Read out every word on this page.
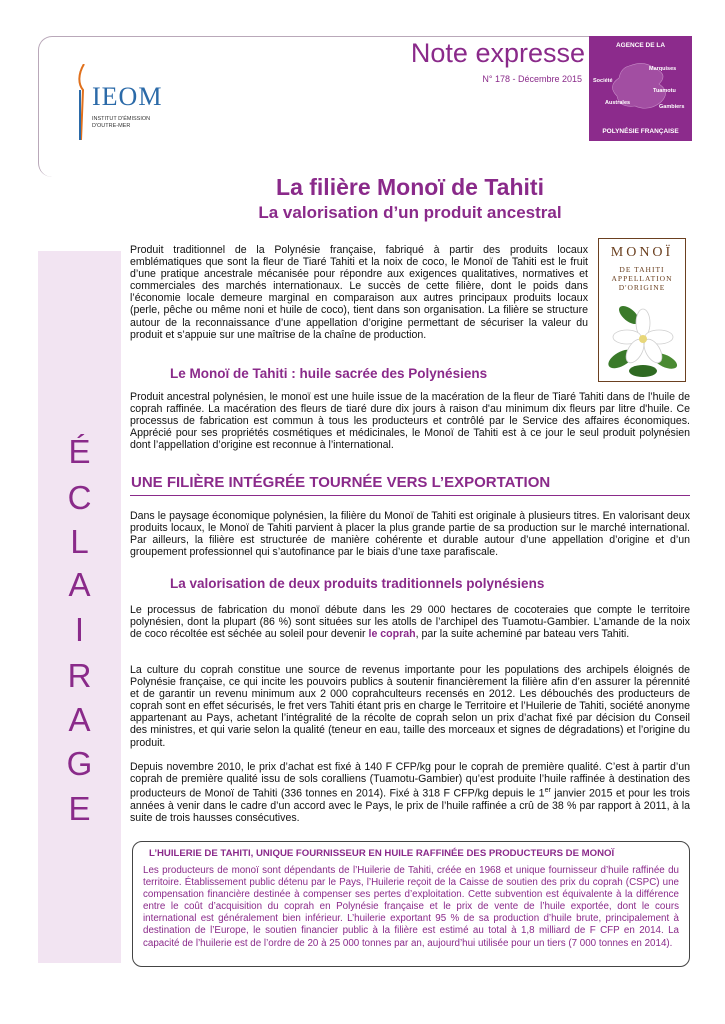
IEOM
INSTITUT D'ÉMISSION D'OUTRE-MER
Note expresse
N° 178 - Décembre 2015
AGENCE DE LA
Marquises
Société
Tuamotu
Australes
Gambiers
POLYNÉSIE FRANÇAISE
La filière Monoï de Tahiti
La valorisation d’un produit ancestral
É
C
L
A
I
R
A
G
E
MONOÏ
DE TAHITI
APPELLATION
D'ORIGINE

Produit traditionnel de la Polynésie française, fabriqué à partir des produits locaux emblématiques que sont la fleur de Tiaré Tahiti et la noix de coco, le Monoï de Tahiti est le fruit d’une pratique ancestrale mécanisée pour répondre aux exigences qualitatives, normatives et commerciales des marchés internationaux. Le succès de cette filière, dont le poids dans l’économie locale demeure marginal en comparaison aux autres principaux produits locaux (perle, pêche ou même noni et huile de coco), tient dans son organisation. La filière se structure autour de la reconnaissance d’une appellation d’origine permettant de sécuriser la valeur du produit et s’appuie sur une maîtrise de la chaîne de production.

Le Monoï de Tahiti : huile sacrée des Polynésiens

Produit ancestral polynésien, le monoï est une huile issue de la macération de la fleur de Tiaré Tahiti dans de l’huile de coprah raffinée. La macération des fleurs de tiaré dure dix jours à raison d'au minimum dix fleurs par litre d'huile. Ce processus de fabrication est commun à tous les producteurs et contrôlé par le Service des affaires économiques. Apprécié pour ses propriétés cosmétiques et médicinales, le Monoï de Tahiti est à ce jour le seul produit polynésien dont l’appellation d’origine est reconnue à l’international.

UNE FILIÈRE INTÉGRÉE TOURNÉE VERS L’EXPORTATION

Dans le paysage économique polynésien, la filière du Monoï de Tahiti est originale à plusieurs titres. En valorisant deux produits locaux, le Monoï de Tahiti parvient à placer la plus grande partie de sa production sur le marché international. Par ailleurs, la filière est structurée de manière cohérente et durable autour d’une appellation d’origine et d’un groupement professionnel qui s’autofinance par le biais d’une taxe parafiscale.

La valorisation de deux produits traditionnels polynésiens

Le processus de fabrication du monoï débute dans les 29 000 hectares de cocoteraies que compte le territoire polynésien, dont la plupart (86 %) sont situées sur les atolls de l’archipel des Tuamotu-Gambier. L’amande de la noix de coco récoltée est séchée au soleil pour devenir le coprah, par la suite acheminé par bateau vers Tahiti.

La culture du coprah constitue une source de revenus importante pour les populations des archipels éloignés de Polynésie française, ce qui incite les pouvoirs publics à soutenir financièrement la filière afin d’en assurer la pérennité et de garantir un revenu minimum aux 2 000 coprahculteurs recensés en 2012. Les débouchés des producteurs de coprah sont en effet sécurisés, le fret vers Tahiti étant pris en charge le Territoire et l’Huilerie de Tahiti, société anonyme appartenant au Pays, achetant l’intégralité de la récolte de coprah selon un prix d’achat fixé par décision du Conseil des ministres, et qui varie selon la qualité (teneur en eau, taille des morceaux et signes de dégradations) et l’origine du produit.

Depuis novembre 2010, le prix d’achat est fixé à 140 F CFP/kg pour le coprah de première qualité. C’est à partir d’un coprah de première qualité issu de sols coralliens (Tuamotu-Gambier) qu’est produite l’huile raffinée à destination des producteurs de Monoï de Tahiti (336 tonnes en 2014). Fixé à 318 F CFP/kg depuis le 1er janvier 2015 et pour les trois années à venir dans le cadre d’un accord avec le Pays, le prix de l’huile raffinée a crû de 38 % par rapport à 2011, à la suite de trois hausses consécutives.

L’HUILERIE DE TAHITI, UNIQUE FOURNISSEUR EN HUILE RAFFINÉE DES PRODUCTEURS DE MONOÏ

Les producteurs de monoï sont dépendants de l’Huilerie de Tahiti, créée en 1968 et unique fournisseur d’huile raffinée du territoire. Établissement public détenu par le Pays, l’Huilerie reçoit de la Caisse de soutien des prix du coprah (CSPC) une compensation financière destinée à compenser ses pertes d’exploitation. Cette subvention est équivalente à la différence entre le coût d’acquisition du coprah en Polynésie française et le prix de vente de l’huile exportée, dont le cours international est généralement bien inférieur. L’huilerie exportant 95 % de sa production d’huile brute, principalement à destination de l’Europe, le soutien financier public à la filière est estimé au total à 1,8 milliard de F CFP en 2014. La capacité de l’huilerie est de l’ordre de 20 à 25 000 tonnes par an, aujourd’hui utilisée pour un tiers (7 000 tonnes en 2014).
